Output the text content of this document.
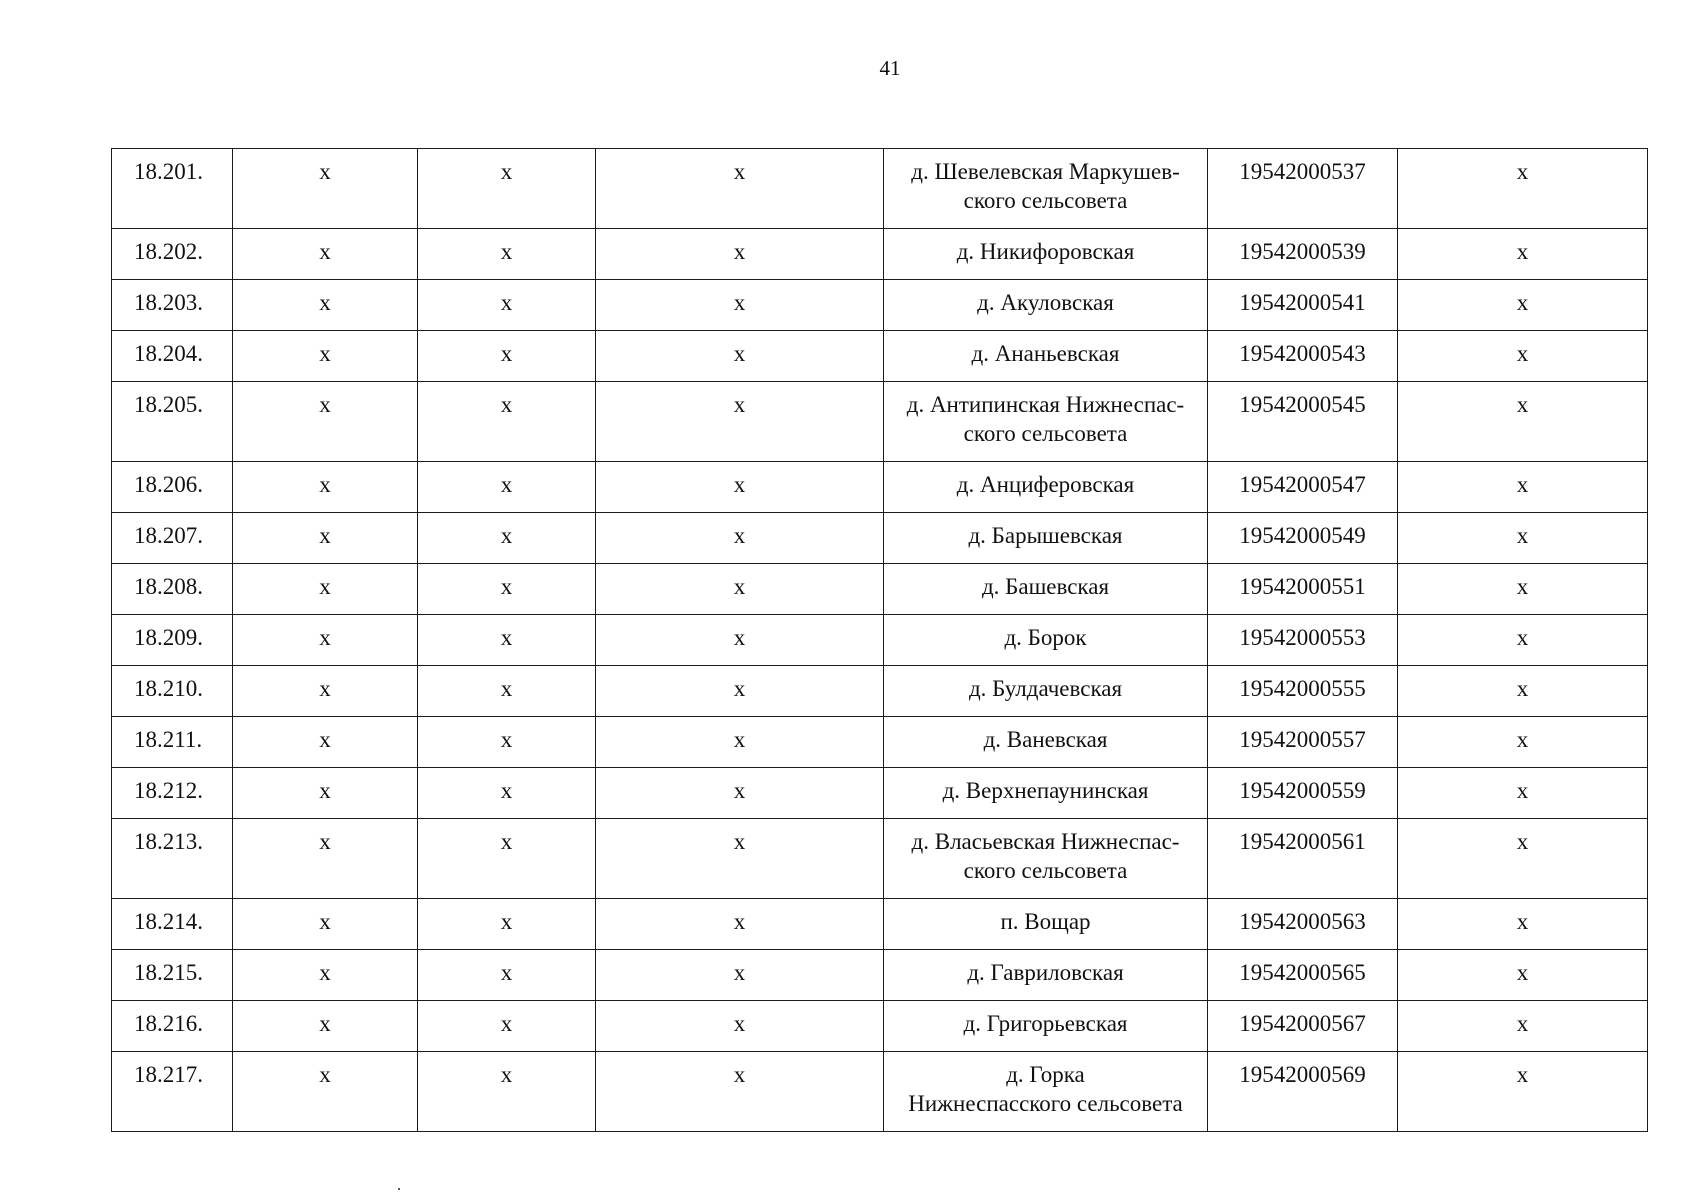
41
18.201.	х	х	х	д. Шевелевская Маркушев-
ского сельсовета	19542000537	х
18.202.	х	х	х	д. Никифоровская	19542000539	х
18.203.	х	х	х	д. Акуловская	19542000541	х
18.204.	х	х	х	д. Ананьевская	19542000543	х
18.205.	х	х	х	д. Антипинская Нижнеспас-
ского сельсовета	19542000545	х
18.206.	х	х	х	д. Анциферовская	19542000547	х
18.207.	х	х	х	д. Барышевская	19542000549	х
18.208.	х	х	х	д. Башевская	19542000551	х
18.209.	х	х	х	д. Борок	19542000553	х
18.210.	х	х	х	д. Булдачевская	19542000555	х
18.211.	х	х	х	д. Ваневская	19542000557	х
18.212.	х	х	х	д. Верхнепаунинская	19542000559	х
18.213.	х	х	х	д. Власьевская Нижнеспас-
ского сельсовета	19542000561	х
18.214.	х	х	х	п. Вощар	19542000563	х
18.215.	х	х	х	д. Гавриловская	19542000565	х
18.216.	х	х	х	д. Григорьевская	19542000567	х
18.217.	х	х	х	д. Горка
Нижнеспасского сельсовета	19542000569	х
